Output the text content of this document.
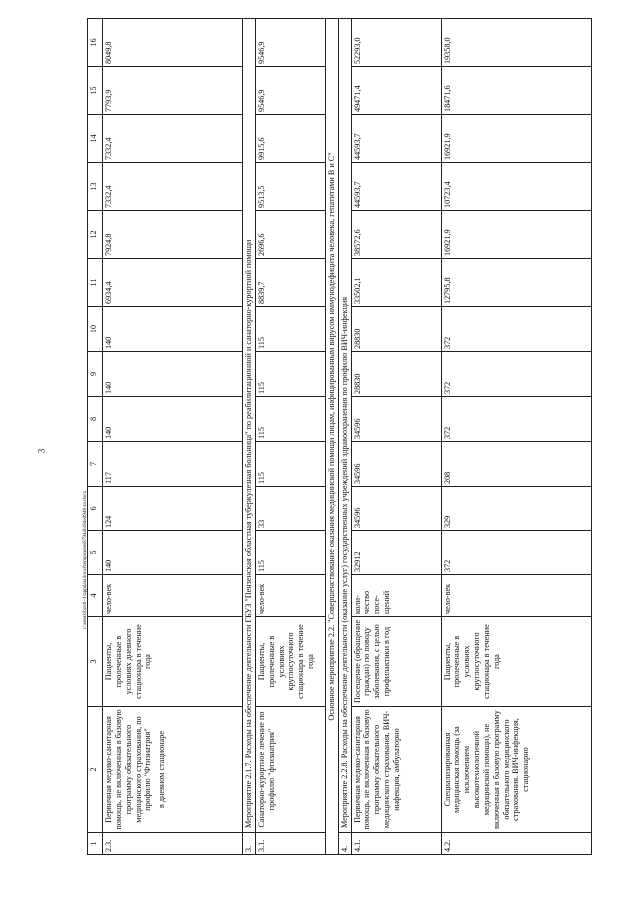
3
c:\users\bzotl~1\appdata\local\temp\notes87944b\94ed946-ra.docx
1	2	3	4	5	6	7	8	9	10	11	12	13	14	15	16
2.3.	Первичная медико-санитарная помощь, не включенная в базовую программу обязательного медицинского страхования, по профилю "Фтизиатрия" в дневном стационаре	Пациенты, пролеченные в условиях дневного стационара в течение года	чело-век	140	124	117	140	140	140	6934,4	7924,8	7332,4	7332,4	7793,9	8049,8
3.	Мероприятие 2.1.7. Расходы на обеспечение деятельности ГБУЗ "Пензенская областная туберкулезная больница" по реабилитационной и санаторно-курортной помощи														
3.1.	Санаторно-курортное лечение по профилю "фтизиатрия"	Пациенты, пролеченные в условиях круглосуточного стационара в течение года	чело-век	115	33	115	115	115	115	8839,7	2696,6	9513,5	9915,6	9546,9	9546,9
Основное мероприятие 2.2. "Совершенствование оказания медицинской помощи лицам, инфицированным вирусом иммунодефицита человека, гепатитами В и С"															
4.	Мероприятие 2.2.8. Расходы на обеспечение деятельности (оказание услуг) государственных учреждений здравоохранения по профилю ВИЧ-инфекция														
4.1.	Первичная медико-санитарная помощь, не включенная в базовую программу обязательного медицинского страхования. ВИЧ-инфекция, амбулаторно	Посещение (обращение граждан) по поводу заболевания, с целью профилактики в год	коли-чество посе-щений	32912	34596	34596	34596	28830	28830	33502,1	38572,6	44593,7	44593,7	49471,4	52293,0
4.2.	Специализированная медицинская помощь (за исключением высокотехнологичной медицинской помощи), не включенная в базовую программу обязательного медицинского страхования. ВИЧ-инфекция, стационарно	Пациенты, пролеченные в условиях круглосуточного стационара в течение года	чело-век	372	329	208	372	372	372	12795,8	16921,9	10723,4	16921,9	18471,6	19358,0
